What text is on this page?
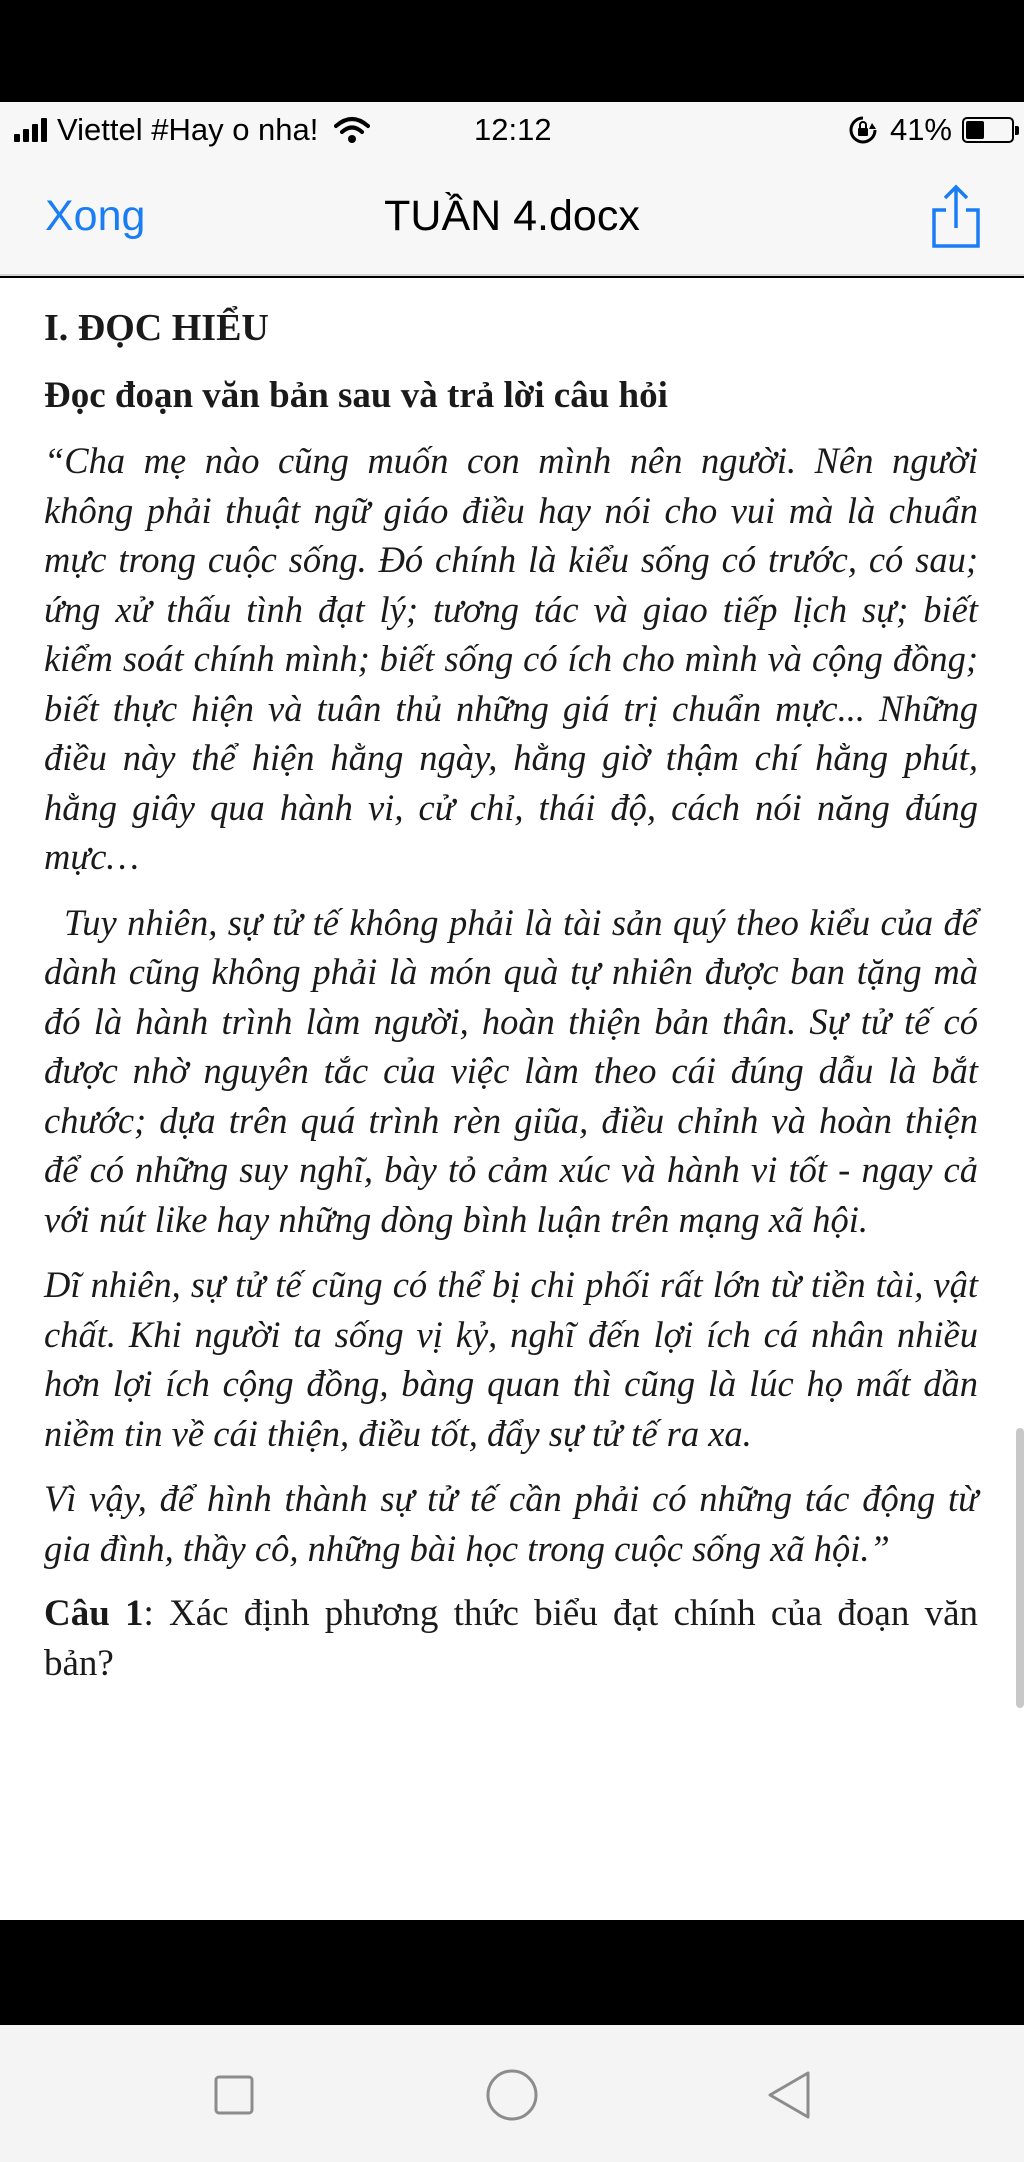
Viettel #Hay o nha!	12:12	41%
Xong	TUẦN 4.docx
I. ĐỌC HIỂU
Đọc đoạn văn bản sau và trả lời câu hỏi

“Cha mẹ nào cũng muốn con mình nên người. Nên người không phải thuật ngữ giáo điều hay nói cho vui mà là chuẩn mực trong cuộc sống. Đó chính là kiểu sống có trước, có sau; ứng xử thấu tình đạt lý; tương tác và giao tiếp lịch sự; biết kiểm soát chính mình; biết sống có ích cho mình và cộng đồng; biết thực hiện và tuân thủ những giá trị chuẩn mực... Những điều này thể hiện hằng ngày, hằng giờ thậm chí hằng phút, hằng giây qua hành vi, cử chỉ, thái độ, cách nói năng đúng mực…

Tuy nhiên, sự tử tế không phải là tài sản quý theo kiểu của để dành cũng không phải là món quà tự nhiên được ban tặng mà đó là hành trình làm người, hoàn thiện bản thân. Sự tử tế có được nhờ nguyên tắc của việc làm theo cái đúng dẫu là bắt chước; dựa trên quá trình rèn giũa, điều chỉnh và hoàn thiện để có những suy nghĩ, bày tỏ cảm xúc và hành vi tốt - ngay cả với nút like hay những dòng bình luận trên mạng xã hội.

Dĩ nhiên, sự tử tế cũng có thể bị chi phối rất lớn từ tiền tài, vật chất. Khi người ta sống vị kỷ, nghĩ đến lợi ích cá nhân nhiều hơn lợi ích cộng đồng, bàng quan thì cũng là lúc họ mất dần niềm tin về cái thiện, điều tốt, đẩy sự tử tế ra xa.

Vì vậy, để hình thành sự tử tế cần phải có những tác động từ gia đình, thầy cô, những bài học trong cuộc sống xã hội.”

Câu 1: Xác định phương thức biểu đạt chính của đoạn văn bản?
